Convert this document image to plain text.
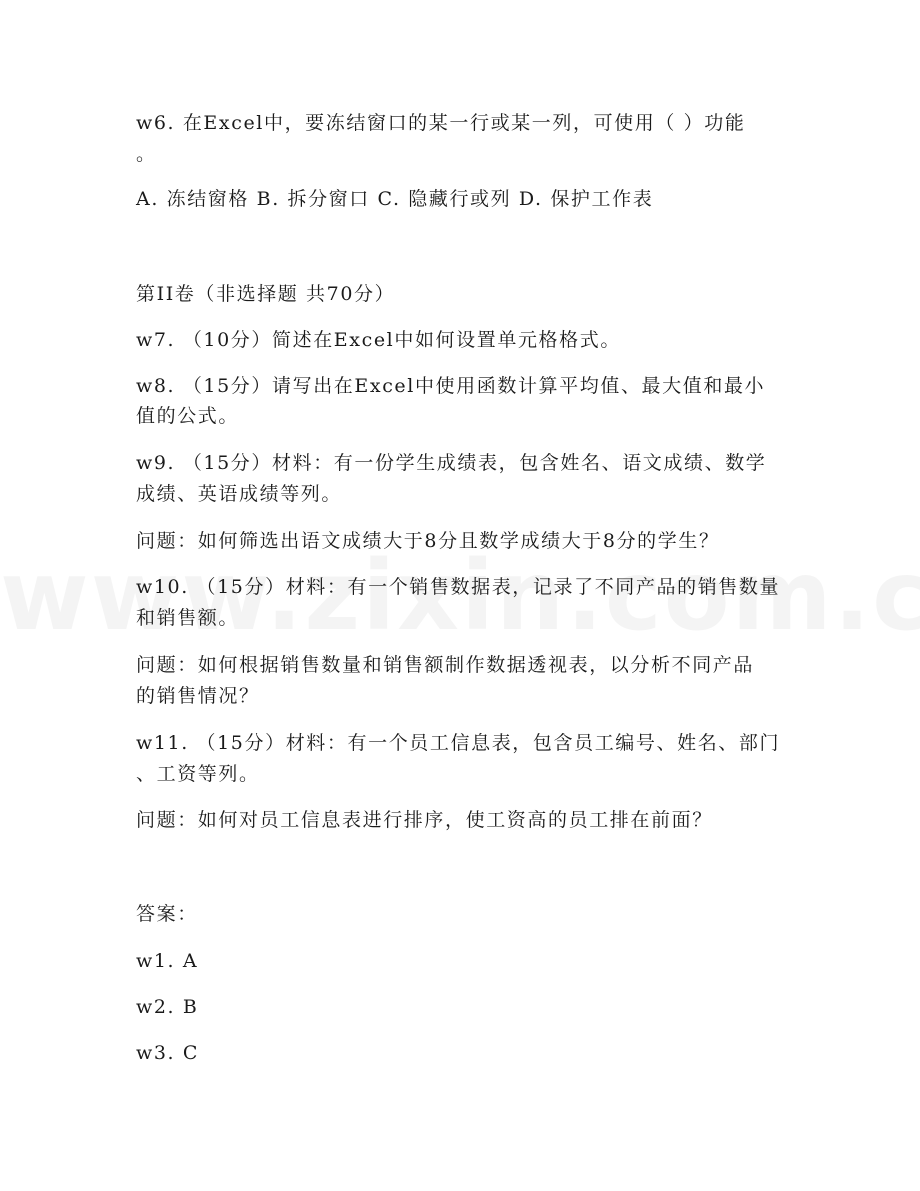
w6. 在Excel中，要冻结窗口的某一行或某一列，可使用（ ）功能
。
A. 冻结窗格 B. 拆分窗口 C. 隐藏行或列 D. 保护工作表
第II卷（非选择题 共70分）
w7. （10分）简述在Excel中如何设置单元格格式。
w8. （15分）请写出在Excel中使用函数计算平均值、最大值和最小
值的公式。
w9. （15分）材料：有一份学生成绩表，包含姓名、语文成绩、数学
成绩、英语成绩等列。
问题：如何筛选出语文成绩大于8分且数学成绩大于8分的学生？
w10. （15分）材料：有一个销售数据表，记录了不同产品的销售数量
和销售额。
问题：如何根据销售数量和销售额制作数据透视表，以分析不同产品
的销售情况？
w11. （15分）材料：有一个员工信息表，包含员工编号、姓名、部门
、工资等列。
问题：如何对员工信息表进行排序，使工资高的员工排在前面？
答案：
w1. A
w2. B
w3. C
